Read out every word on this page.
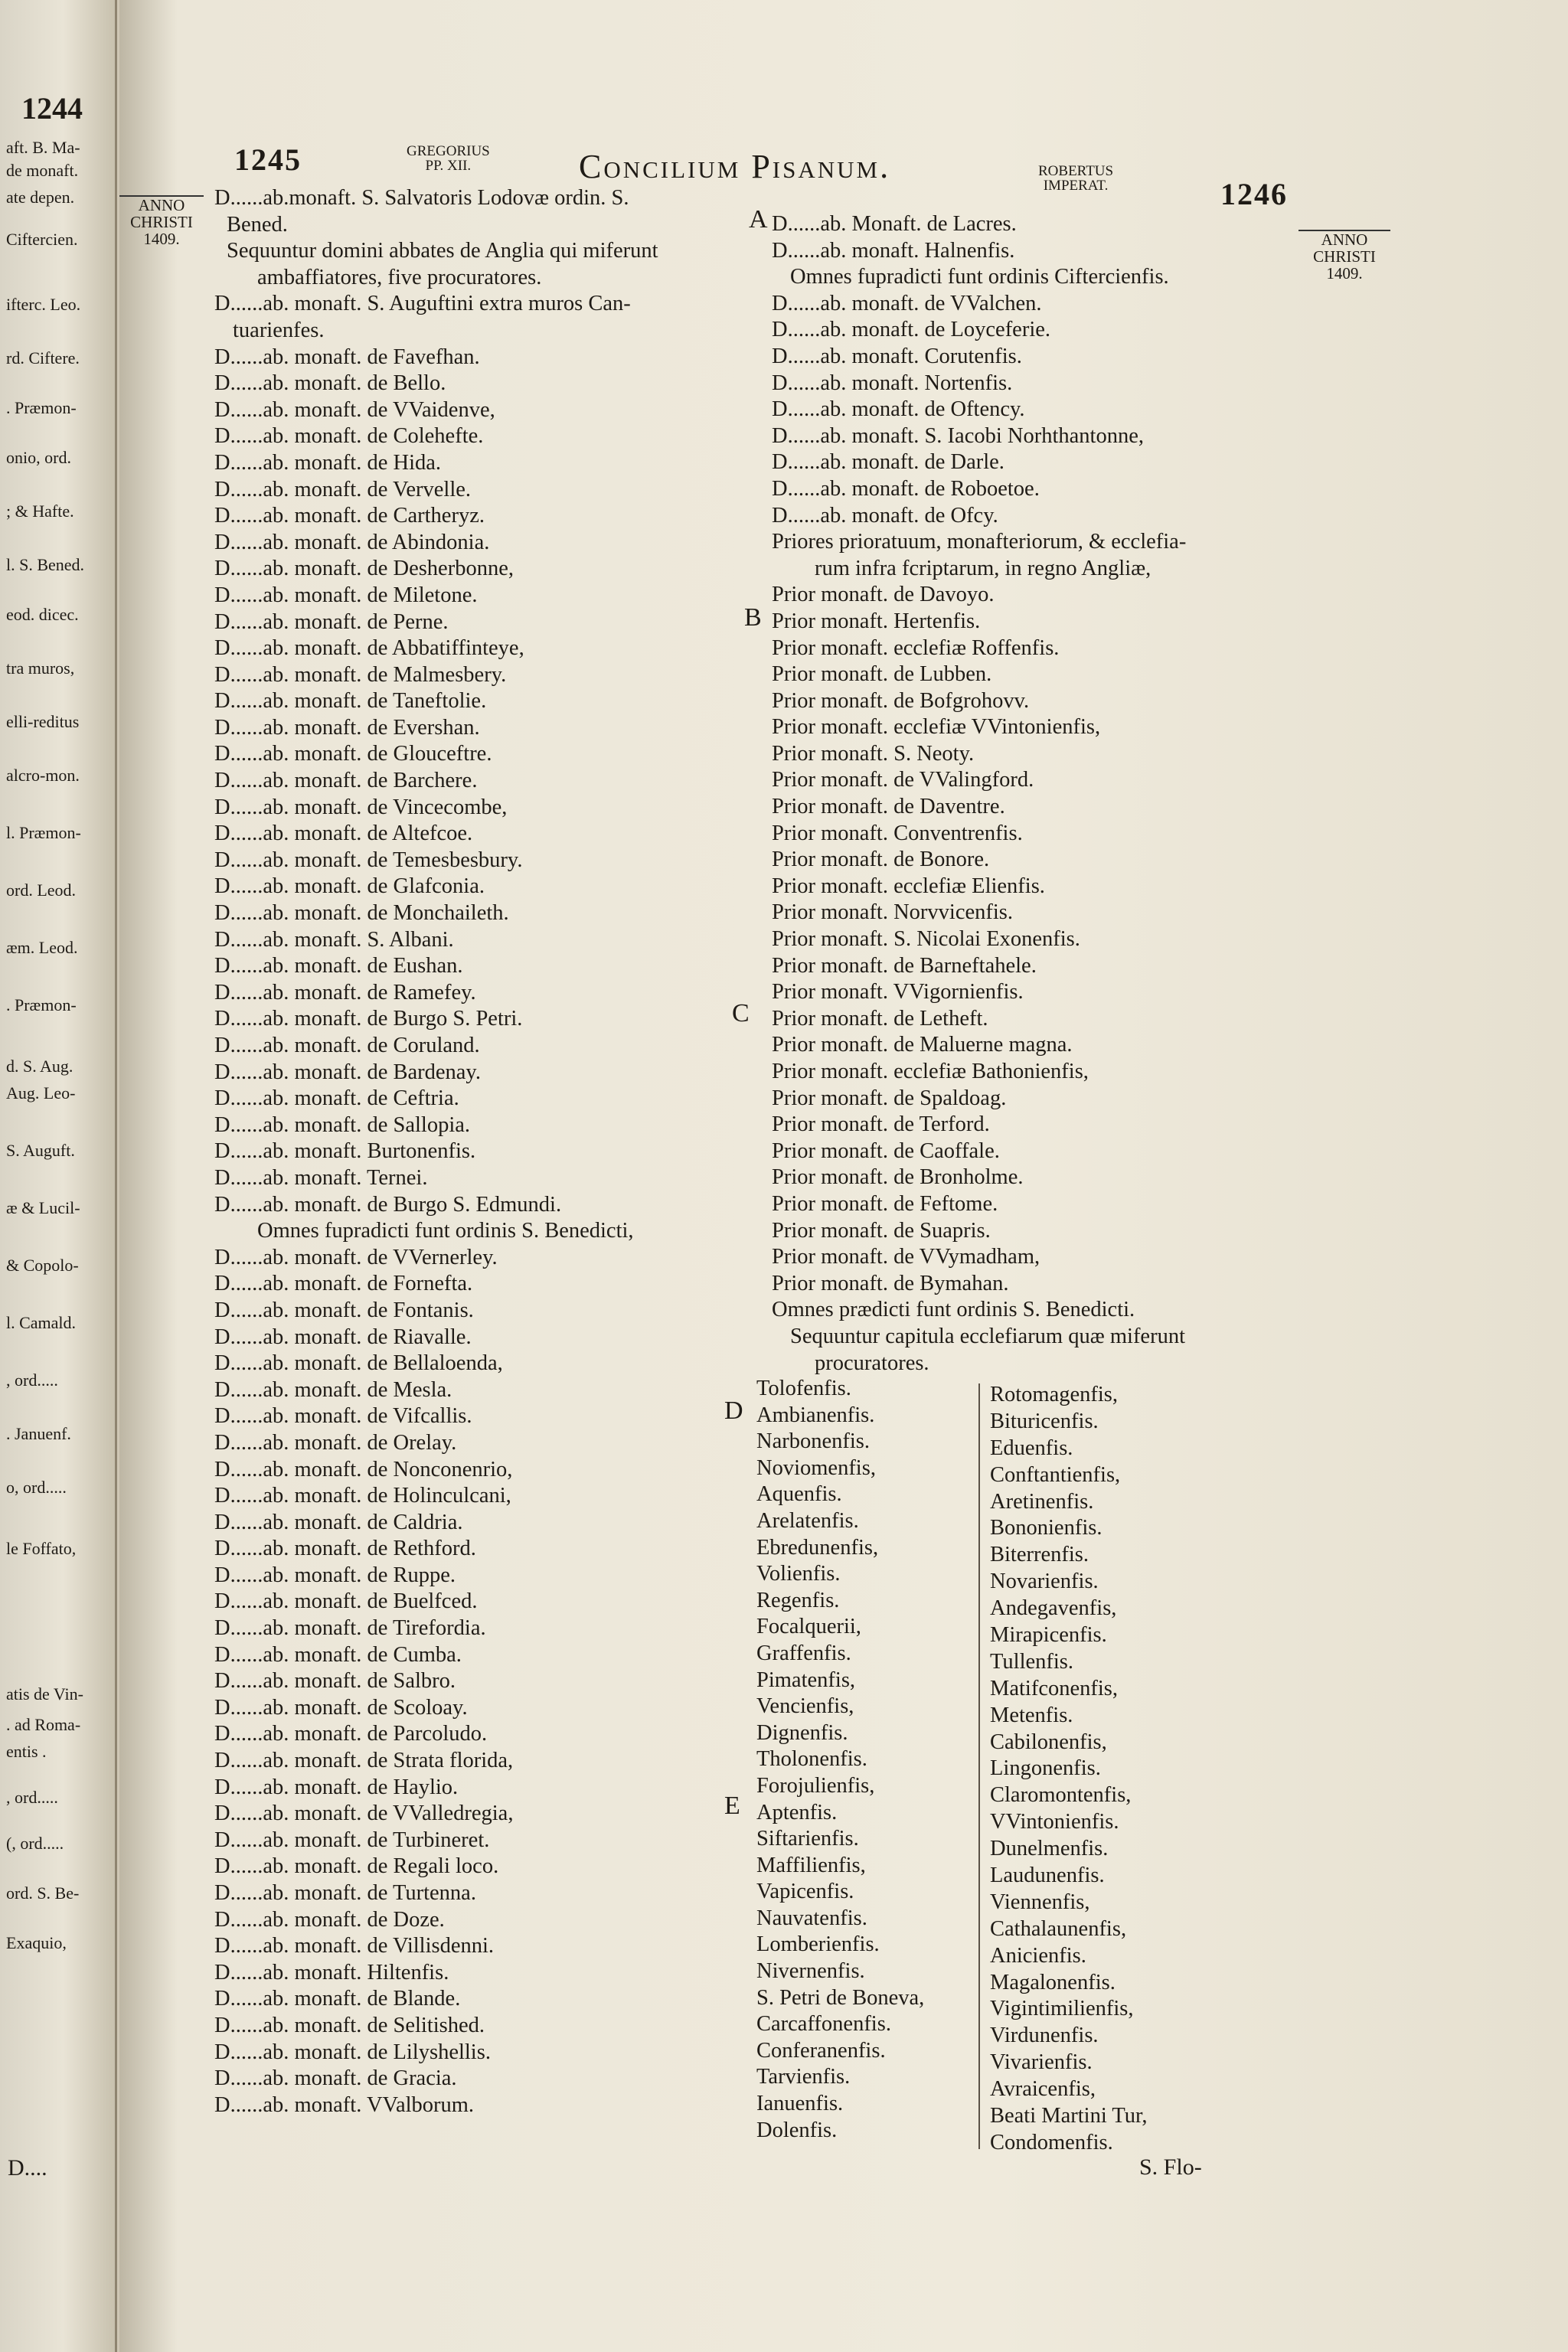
1244
aft. B. Ma-
de monaft.
ate depen.
Ciftercien.
ifterc. Leo.
rd. Ciftere.
. Præmon-
onio, ord.
; & Hafte.
l. S. Bened.
eod. dicec.
tra muros,
elli-reditus
alcro-mon.
l. Præmon-
ord. Leod.
æm. Leod.
. Præmon-
d. S. Aug.
Aug. Leo-
S. Auguft.
æ & Lucil-
& Copolo-
l. Camald.
, ord.....
. Januenf.
o, ord.....
le Foffato,
atis de Vin-
. ad Roma-
entis .
, ord.....
(, ord.....
ord. S. Be-
Exaquio,
D....
1245	GREGORIUS
PP. XII.	Concilium Pisanum.	ROBERTUS
IMPERAT.	1246
ANNO
CHRISTI
1409.	ANNO
CHRISTI
1409.
A
B
C
D
E
D......ab.monaft. S. Salvatoris Lodovæ ordin. S.
Bened.
Sequuntur domini abbates de Anglia qui miferunt
ambaffiatores, five procuratores.
D......ab. monaft. S. Auguftini extra muros Can-
tuarienfes.
D......ab. monaft. de Favefhan.
D......ab. monaft. de Bello.
D......ab. monaft. de VVaidenve,
D......ab. monaft. de Colehefte.
D......ab. monaft. de Hida.
D......ab. monaft. de Vervelle.
D......ab. monaft. de Cartheryz.
D......ab. monaft. de Abindonia.
D......ab. monaft. de Desherbonne,
D......ab. monaft. de Miletone.
D......ab. monaft. de Perne.
D......ab. monaft. de Abbatiffinteye,
D......ab. monaft. de Malmesbery.
D......ab. monaft. de Taneftolie.
D......ab. monaft. de Evershan.
D......ab. monaft. de Glouceftre.
D......ab. monaft. de Barchere.
D......ab. monaft. de Vincecombe,
D......ab. monaft. de Altefcoe.
D......ab. monaft. de Temesbesbury.
D......ab. monaft. de Glafconia.
D......ab. monaft. de Monchaileth.
D......ab. monaft. S. Albani.
D......ab. monaft. de Eushan.
D......ab. monaft. de Ramefey.
D......ab. monaft. de Burgo S. Petri.
D......ab. monaft. de Coruland.
D......ab. monaft. de Bardenay.
D......ab. monaft. de Ceftria.
D......ab. monaft. de Sallopia.
D......ab. monaft. Burtonenfis.
D......ab. monaft. Ternei.
D......ab. monaft. de Burgo S. Edmundi.
Omnes fupradicti funt ordinis S. Benedicti,
D......ab. monaft. de VVernerley.
D......ab. monaft. de Fornefta.
D......ab. monaft. de Fontanis.
D......ab. monaft. de Riavalle.
D......ab. monaft. de Bellaloenda,
D......ab. monaft. de Mesla.
D......ab. monaft. de Vifcallis.
D......ab. monaft. de Orelay.
D......ab. monaft. de Nonconenrio,
D......ab. monaft. de Holinculcani,
D......ab. monaft. de Caldria.
D......ab. monaft. de Rethford.
D......ab. monaft. de Ruppe.
D......ab. monaft. de Buelfced.
D......ab. monaft. de Tirefordia.
D......ab. monaft. de Cumba.
D......ab. monaft. de Salbro.
D......ab. monaft. de Scoloay.
D......ab. monaft. de Parcoludo.
D......ab. monaft. de Strata florida,
D......ab. monaft. de Haylio.
D......ab. monaft. de VValledregia,
D......ab. monaft. de Turbineret.
D......ab. monaft. de Regali loco.
D......ab. monaft. de Turtenna.
D......ab. monaft. de Doze.
D......ab. monaft. de Villisdenni.
D......ab. monaft. Hiltenfis.
D......ab. monaft. de Blande.
D......ab. monaft. de Selitished.
D......ab. monaft. de Lilyshellis.
D......ab. monaft. de Gracia.
D......ab. monaft. VValborum.
D......ab. Monaft. de Lacres.
D......ab. monaft. Halnenfis.
Omnes fupradicti funt ordinis Ciftercienfis.
D......ab. monaft. de VValchen.
D......ab. monaft. de Loyceferie.
D......ab. monaft. Corutenfis.
D......ab. monaft. Nortenfis.
D......ab. monaft. de Oftency.
D......ab. monaft. S. Iacobi Norhthantonne,
D......ab. monaft. de Darle.
D......ab. monaft. de Roboetoe.
D......ab. monaft. de Ofcy.
Priores prioratuum, monafteriorum, & ecclefia-
rum infra fcriptarum, in regno Angliæ,
Prior monaft. de Davoyo.
Prior monaft. Hertenfis.
Prior monaft. ecclefiæ Roffenfis.
Prior monaft. de Lubben.
Prior monaft. de Bofgrohovv.
Prior monaft. ecclefiæ VVintonienfis,
Prior monaft. S. Neoty.
Prior monaft. de VValingford.
Prior monaft. de Daventre.
Prior monaft. Conventrenfis.
Prior monaft. de Bonore.
Prior monaft. ecclefiæ Elienfis.
Prior monaft. Norvvicenfis.
Prior monaft. S. Nicolai Exonenfis.
Prior monaft. de Barneftahele.
Prior monaft. VVigornienfis.
Prior monaft. de Letheft.
Prior monaft. de Maluerne magna.
Prior monaft. ecclefiæ Bathonienfis,
Prior monaft. de Spaldoag.
Prior monaft. de Terford.
Prior monaft. de Caoffale.
Prior monaft. de Bronholme.
Prior monaft. de Feftome.
Prior monaft. de Suapris.
Prior monaft. de VVymadham,
Prior monaft. de Bymahan.
Omnes prædicti funt ordinis S. Benedicti.
Sequuntur capitula ecclefiarum quæ miferunt
procuratores.
Tolofenfis.
Ambianenfis.
Narbonenfis.
Noviomenfis,
Aquenfis.
Arelatenfis.
Ebredunenfis,
Volienfis.
Regenfis.
Focalquerii,
Graffenfis.
Pimatenfis,
Vencienfis,
Dignenfis.
Tholonenfis.
Forojulienfis,
Aptenfis.
Siftarienfis.
Maffilienfis,
Vapicenfis.
Nauvatenfis.
Lomberienfis.
Nivernenfis.
S. Petri de Boneva,
Carcaffonenfis.
Conferanenfis.
Tarvienfis.
Ianuenfis.
Dolenfis.
Rotomagenfis,
Bituricenfis.
Eduenfis.
Conftantienfis,
Aretinenfis.
Bononienfis.
Biterrenfis.
Novarienfis.
Andegavenfis,
Mirapicenfis.
Tullenfis.
Matifconenfis,
Metenfis.
Cabilonenfis,
Lingonenfis.
Claromontenfis,
VVintonienfis.
Dunelmenfis.
Laudunenfis.
Viennenfis,
Cathalaunenfis,
Anicienfis.
Magalonenfis.
Vigintimilienfis,
Virdunenfis.
Vivarienfis.
Avraicenfis,
Beati Martini Tur,
Condomenfis.
S. Flo-
